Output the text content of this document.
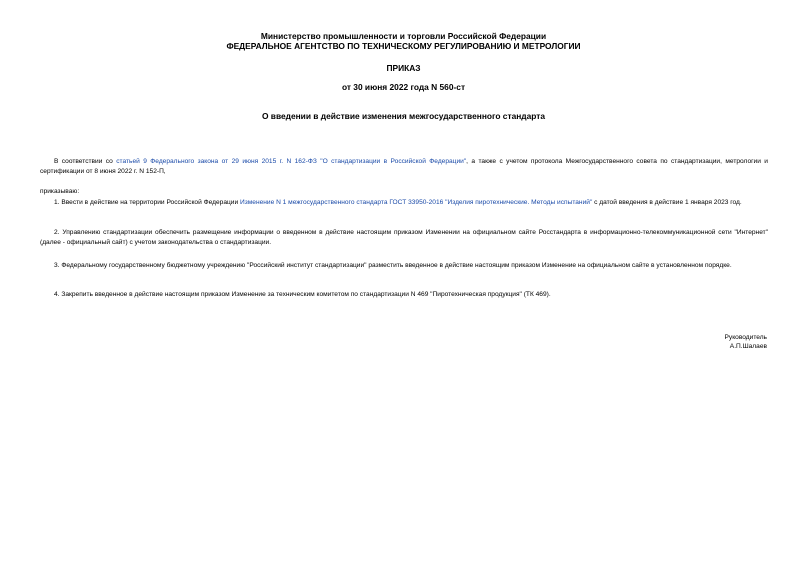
Министерство промышленности и торговли Российской Федерации
ФЕДЕРАЛЬНОЕ АГЕНТСТВО ПО ТЕХНИЧЕСКОМУ РЕГУЛИРОВАНИЮ И МЕТРОЛОГИИ
ПРИКАЗ
от 30 июня 2022 года N 560-ст
О введении в действие изменения межгосударственного стандарта
В соответствии со статьей 9 Федерального закона от 29 июня 2015 г. N 162-ФЗ "О стандартизации в Российской Федерации", а также с учетом протокола Межгосударственного совета по стандартизации, метрологии и сертификации от 8 июня 2022 г. N 152-П,
приказываю:
1. Ввести в действие на территории Российской Федерации Изменение N 1 межгосударственного стандарта ГОСТ 33950-2016 "Изделия пиротехнические. Методы испытаний" с датой введения в действие 1 января 2023 год.
2. Управлению стандартизации обеспечить размещение информации о введенном в действие настоящим приказом Изменении на официальном сайте Росстандарта в информационно-телекоммуникационной сети "Интернет" (далее - официальный сайт) с учетом законодательства о стандартизации.
3. Федеральному государственному бюджетному учреждению "Российский институт стандартизации" разместить введенное в действие настоящим приказом Изменение на официальном сайте в установленном порядке.
4. Закрепить введенное в действие настоящим приказом Изменение за техническим комитетом по стандартизации N 469 "Пиротехническая продукция" (ТК 469).
Руководитель
А.П.Шалаев
